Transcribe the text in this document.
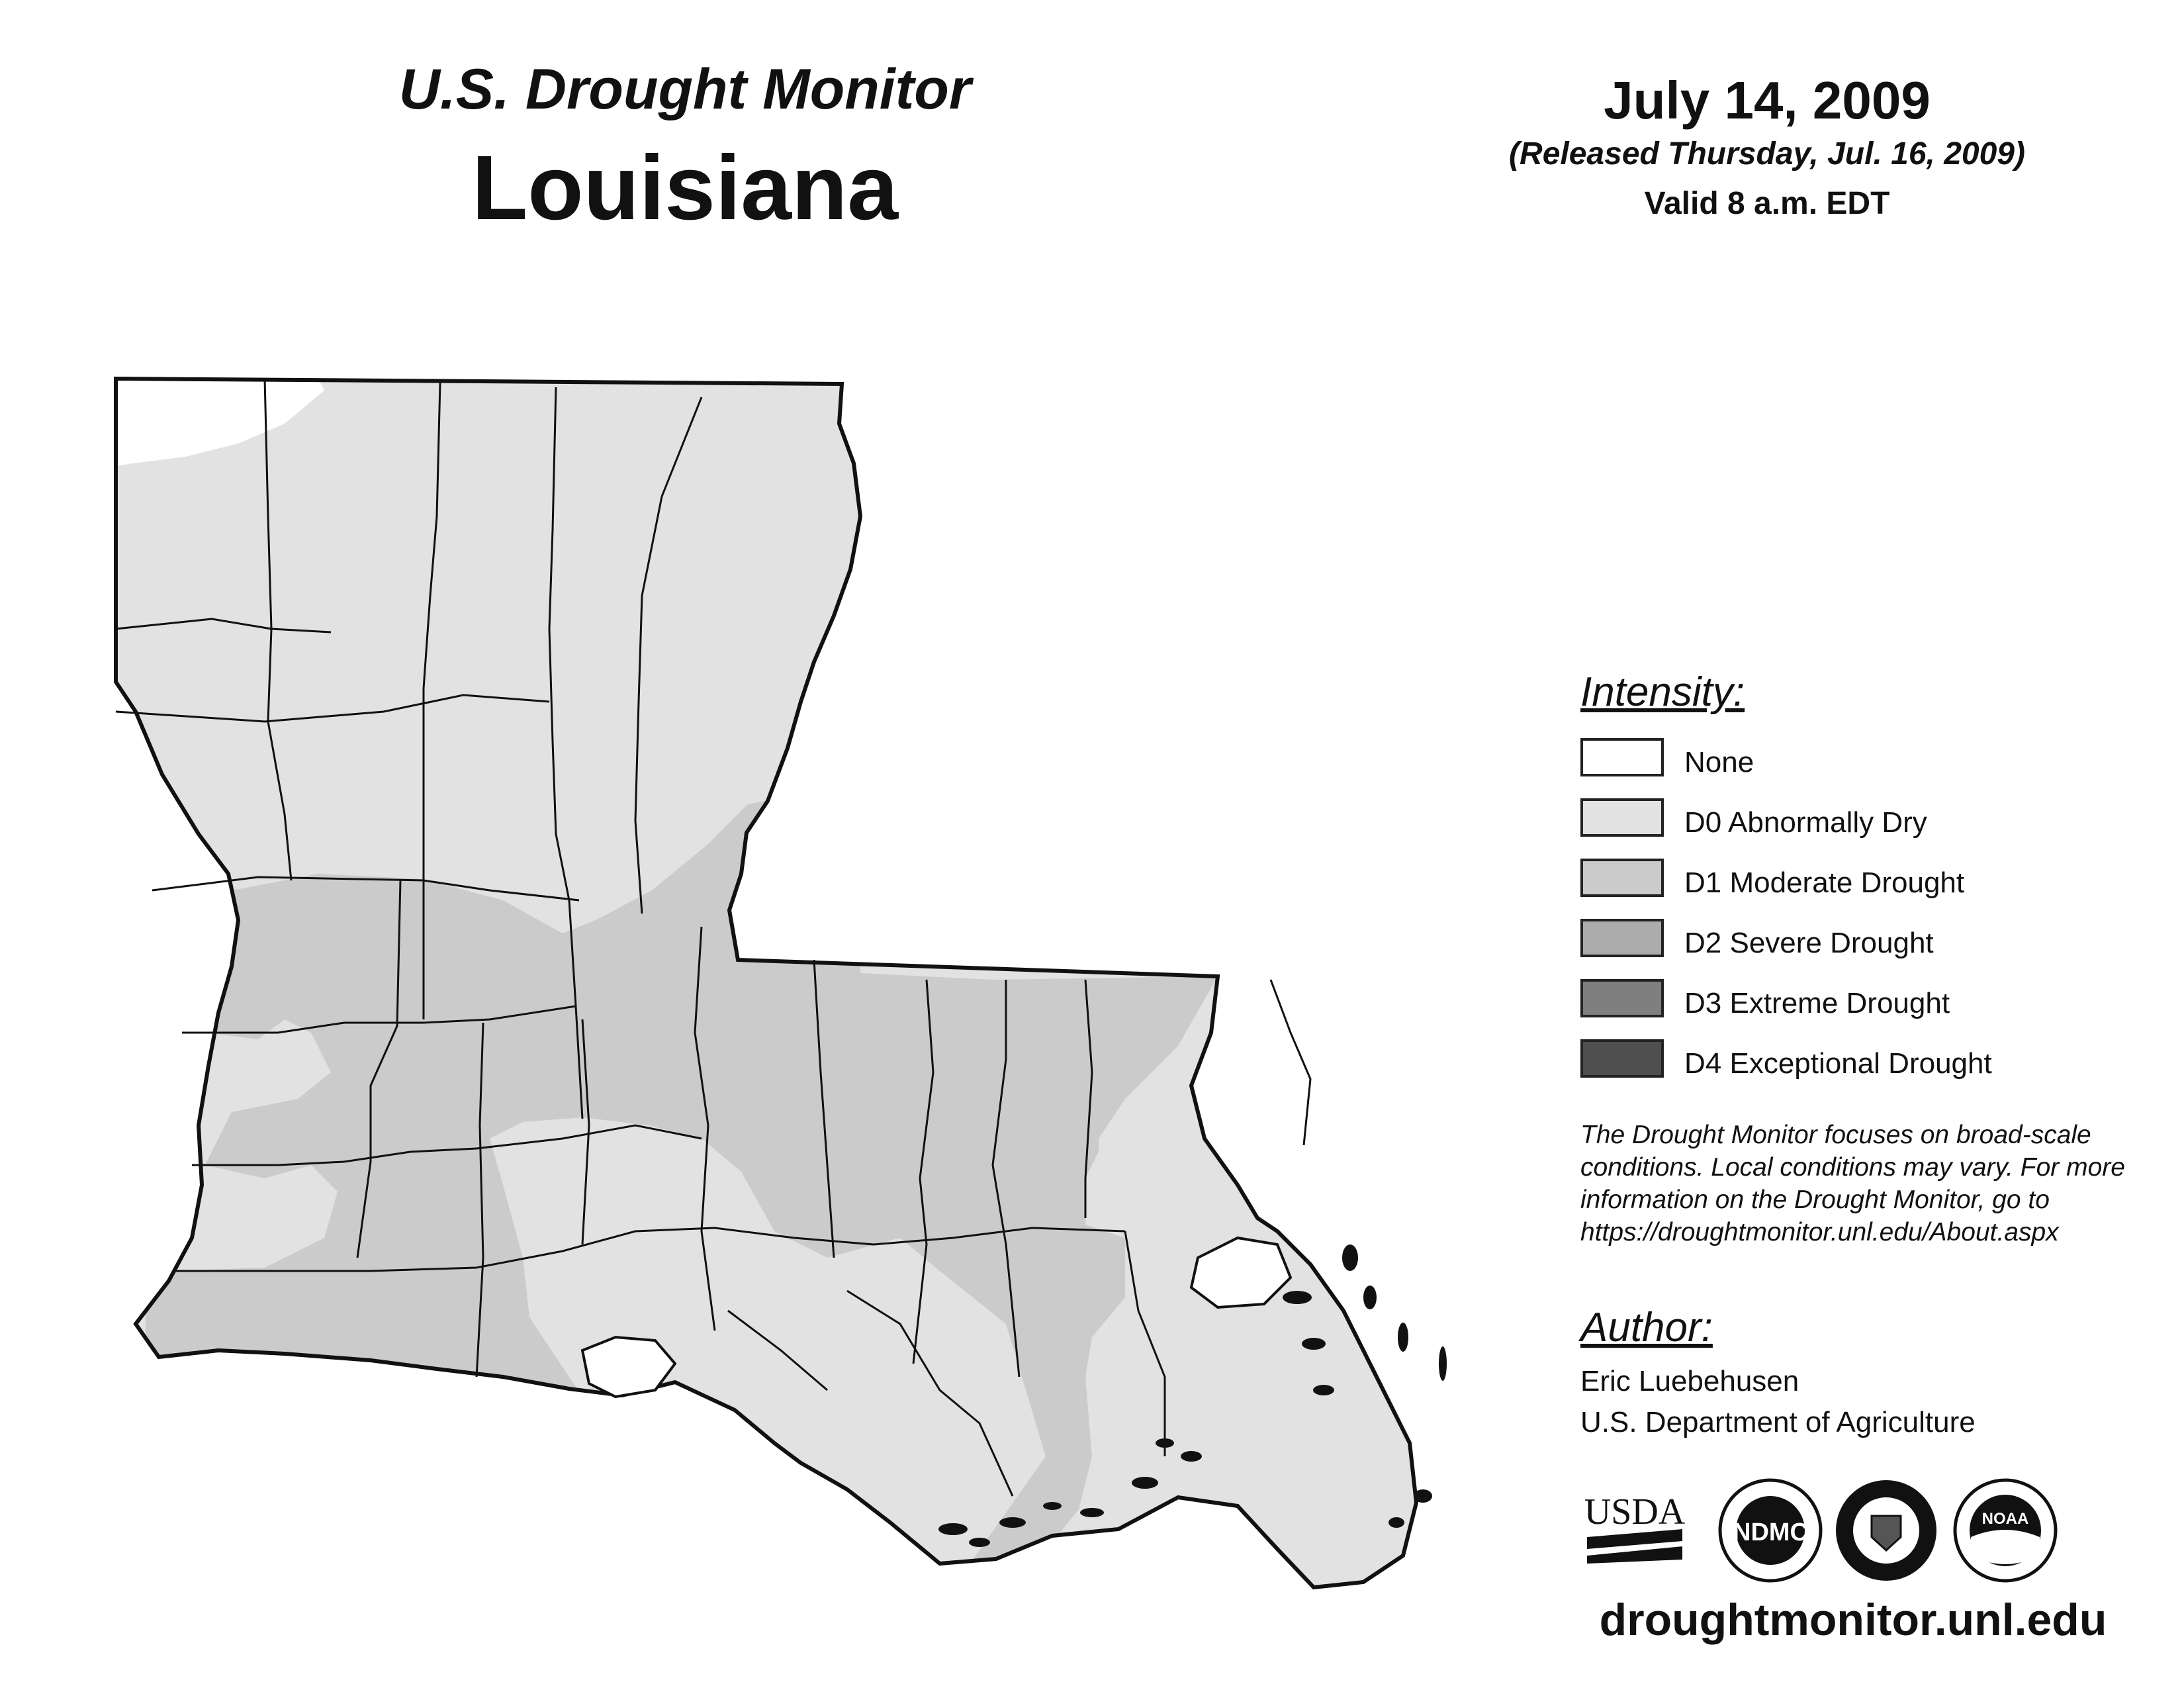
U.S. Drought Monitor
Louisiana
July 14, 2009
(Released Thursday, Jul. 16, 2009)
Valid 8 a.m. EDT
Intensity:
None
D0 Abnormally Dry
D1 Moderate Drought
D2 Severe Drought
D3 Extreme Drought
D4 Exceptional Drought
The Drought Monitor focuses on broad-scale
conditions. Local conditions may vary. For more
information on the Drought Monitor, go to
https://droughtmonitor.unl.edu/About.aspx
Author:
Eric Luebehusen
U.S. Department of Agriculture
USDA NDMC	NOAA
droughtmonitor.unl.edu
